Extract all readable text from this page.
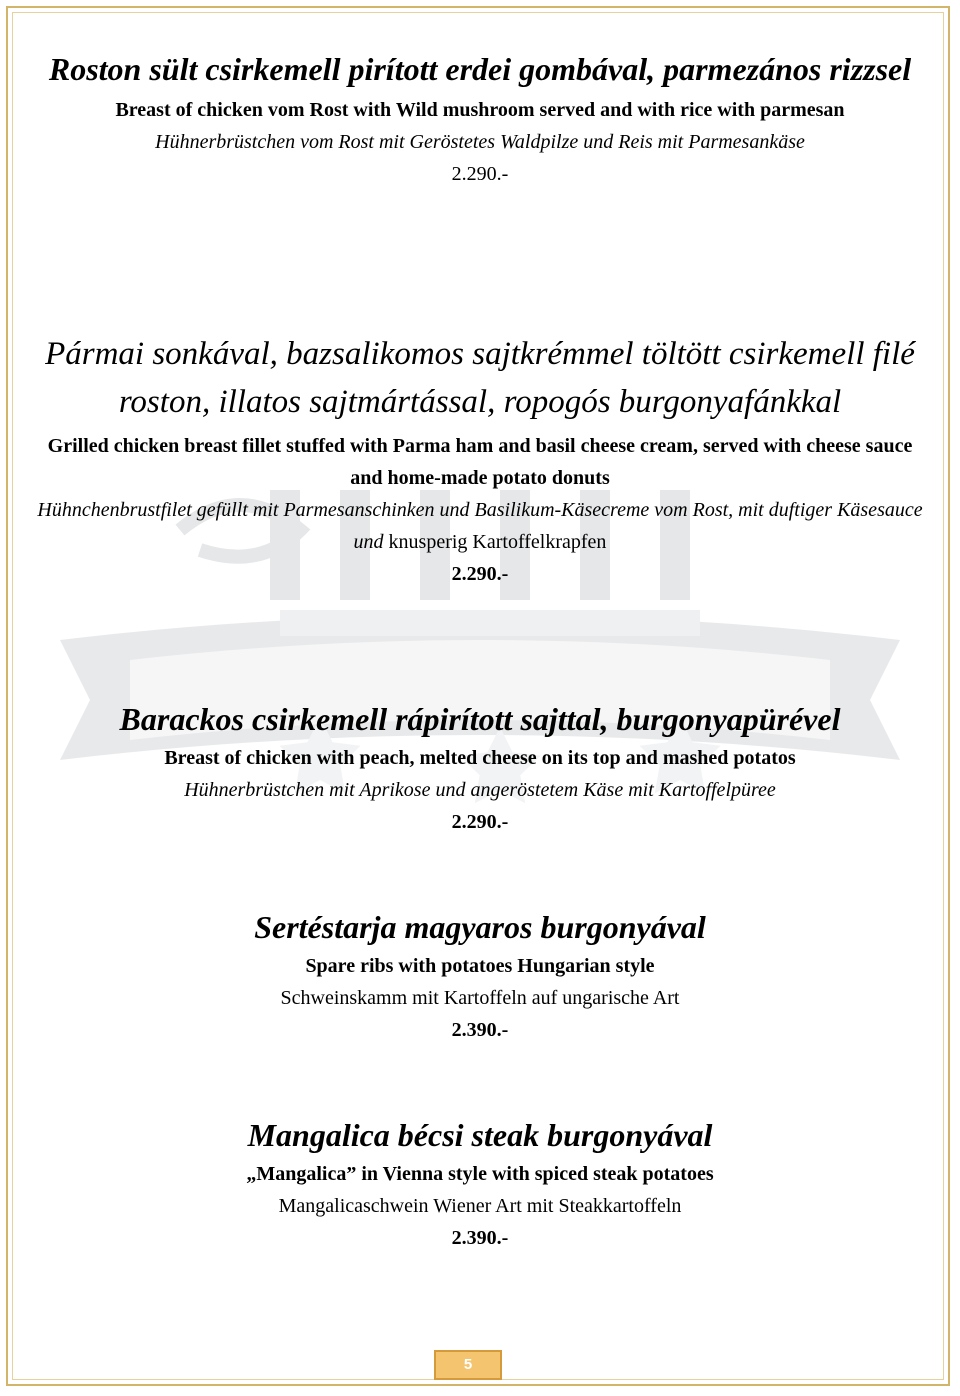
Roston sült csirkemell pirított erdei gombával, parmezános rizzsel
Breast of chicken vom Rost with Wild mushroom served and with rice with parmesan
Hühnerbrüstchen vom Rost mit Geröstetes Waldpilze und Reis mit Parmesankäse
2.290.-
Pármai sonkával, bazsalikomos sajtkrémmel töltött csirkemell filé roston, illatos sajtmártással, ropogós burgonyafánkkal
Grilled chicken breast fillet stuffed with Parma ham and basil cheese cream, served with cheese sauce and home-made potato donuts
Hühnchenbrustfilet gefüllt mit Parmesanschinken und Basilikum-Käsecreme vom Rost, mit duftiger Käsesauce und knusperig Kartoffelkrapfen
2.290.-
Barackos csirkemell rápirított sajttal, burgonyapürével
Breast of chicken with peach, melted cheese on its top and mashed potatos
Hühnerbrüstchen mit Aprikose und angeröstetem Käse mit Kartoffelpüree
2.290.-
Sertéstarja magyaros burgonyával
Spare ribs with potatoes Hungarian style
Schweinskamm mit Kartoffeln auf ungarische Art
2.390.-
Mangalica bécsi steak burgonyával
„Mangalica” in Vienna style with spiced steak potatoes
Mangalicaschwein Wiener Art mit Steakkartoffeln
2.390.-
5
